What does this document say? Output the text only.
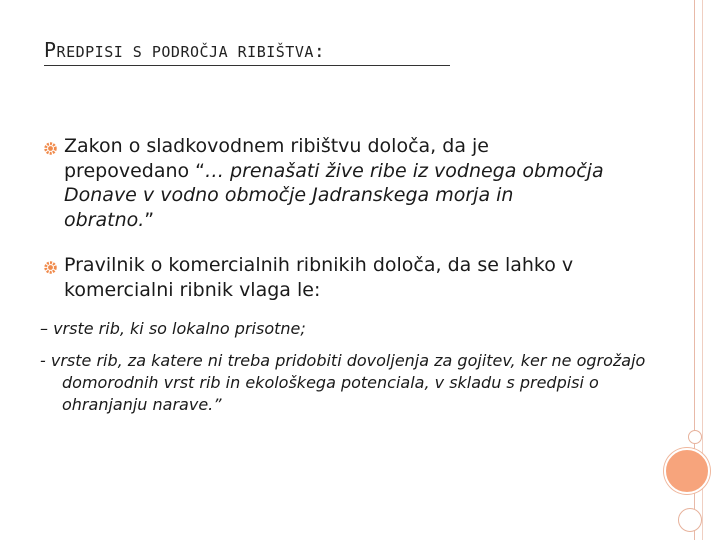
PREDPISI S PODROČJA RIBIŠTVA:
Zakon o sladkovodnem ribištvu določa, da je prepovedano “… prenašati žive ribe iz vodnega območja Donave v vodno območje Jadranskega morja in obratno.”
Pravilnik o komercialnih ribnikih določa, da se lahko v komercialni ribnik vlaga le:
– vrste rib, ki so lokalno prisotne;
- vrste rib, za katere ni treba pridobiti dovoljenja za gojitev, ker ne ogrožajo domorodnih vrst rib in ekološkega potenciala, v skladu s predpisi o ohranjanju narave.”
